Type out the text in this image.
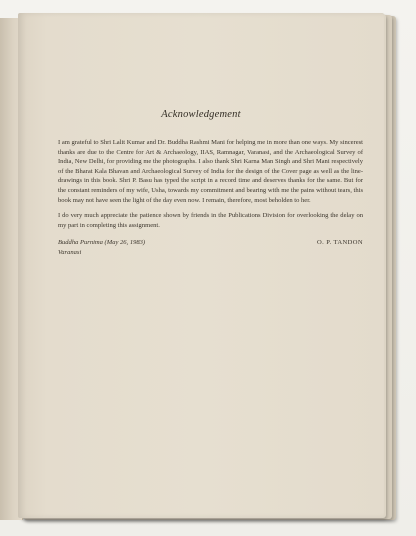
Acknowledgement

I am grateful to Shri Lalit Kumar and Dr. Buddha Rashmi Mani for helping me in more than one ways. My sincerest thanks are due to the Centre for Art & Archaeology, IIAS, Ramnagar, Varanasi, and the Archaeological Survey of India, New Delhi, for providing me the photographs. I also thank Shri Karna Man Singh and Shri Mani respectively of the Bharat Kala Bhavan and Archaeological Survey of India for the design of the Cover page as well as the line-drawings in this book. Shri P. Basu has typed the script in a record time and deserves thanks for the same. But for the constant reminders of my wife, Usha, towards my commitment and bearing with me the pains without tears, this book may not have seen the light of the day even now. I remain, therefore, most beholden to her.

I do very much appreciate the patience shown by friends in the Publications Division for overlooking the delay on my part in completing this assignment.

Buddha Purnima (May 26, 1983)
Varanasi
O. P. TANDON
